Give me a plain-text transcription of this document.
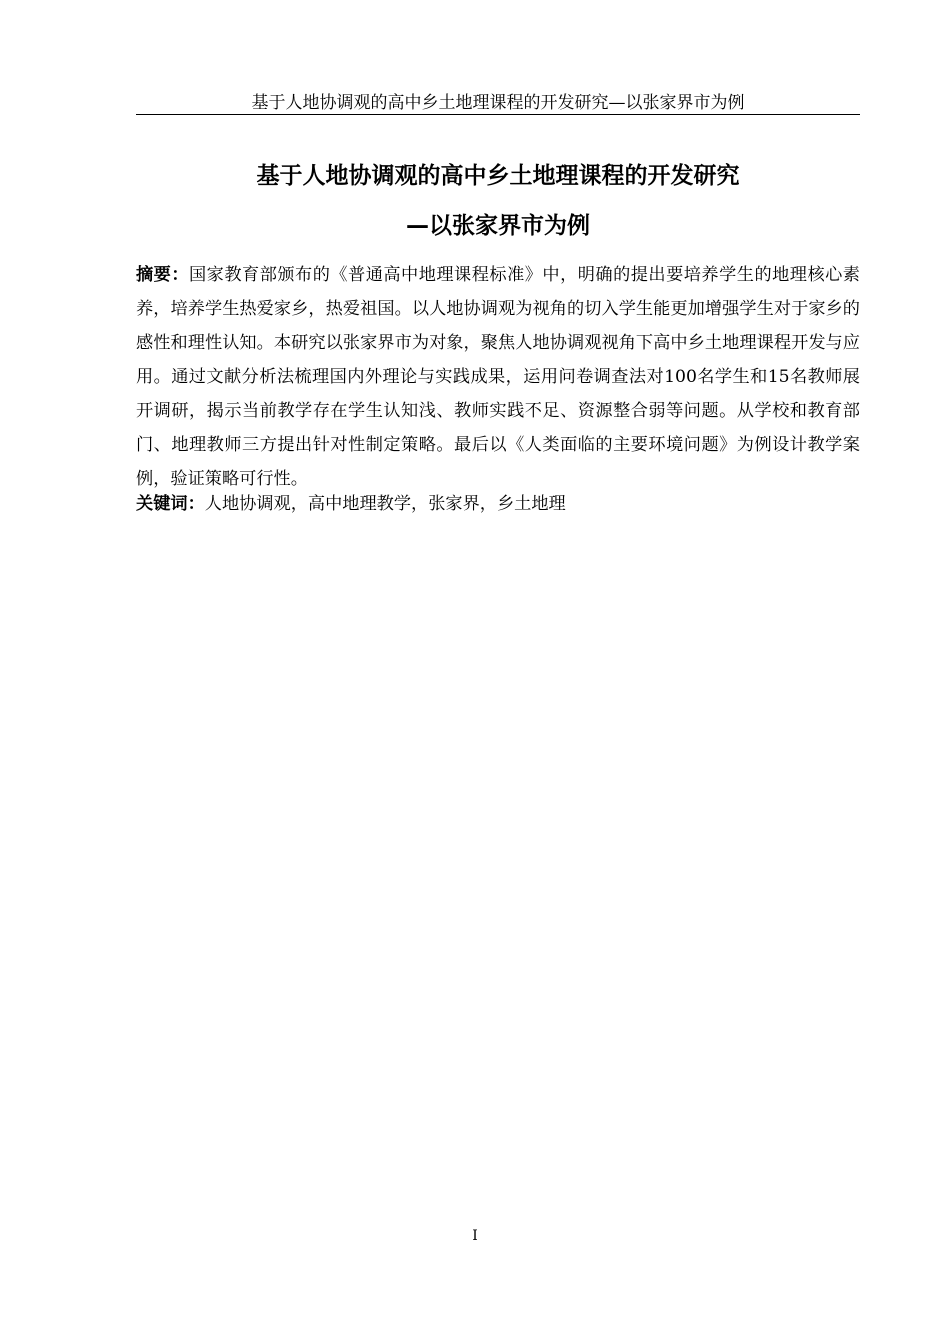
基于人地协调观的高中乡土地理课程的开发研究—以张家界市为例
基于人地协调观的高中乡土地理课程的开发研究
—以张家界市为例
摘要：国家教育部颁布的《普通高中地理课程标准》中，明确的提出要培养学生的地理核心素养，培养学生热爱家乡，热爱祖国。以人地协调观为视角的切入学生能更加增强学生对于家乡的感性和理性认知。本研究以张家界市为对象，聚焦人地协调观视角下高中乡土地理课程开发与应用。通过文献分析法梳理国内外理论与实践成果，运用问卷调查法对100名学生和15名教师展开调研，揭示当前教学存在学生认知浅、教师实践不足、资源整合弱等问题。从学校和教育部门、地理教师三方提出针对性制定策略。最后以《人类面临的主要环境问题》为例设计教学案例，验证策略可行性。
关键词：人地协调观，高中地理教学，张家界，乡土地理
I
